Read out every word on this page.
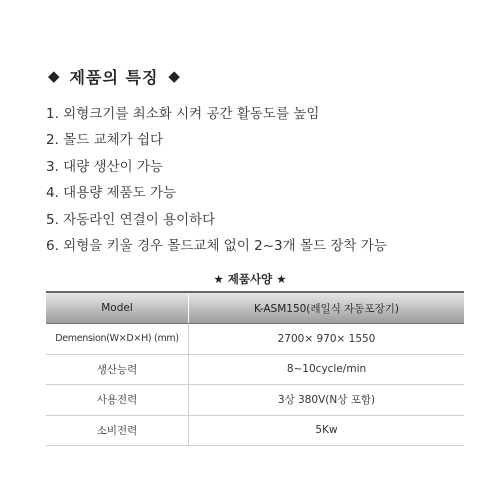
◆ 제품의 특징 ◆
1. 외형크기를 최소화 시켜 공간 활동도를 높임
2. 몰드 교체가 쉽다
3. 대량 생산이 가능
4. 대용량 제품도 가능
5. 자동라인 연결이 용이하다
6. 외형을 키울 경우 몰드교체 없이 2~3개 몰드 장착 가능
★ 제품사양 ★
Model	K-ASM150(레일식 자동포장기)
Demension(W×D×H) (mm)	2700× 970× 1550
생산능력	8~10cycle/min
사용전력	3상 380V(N상 포함)
소비전력	5Kw
